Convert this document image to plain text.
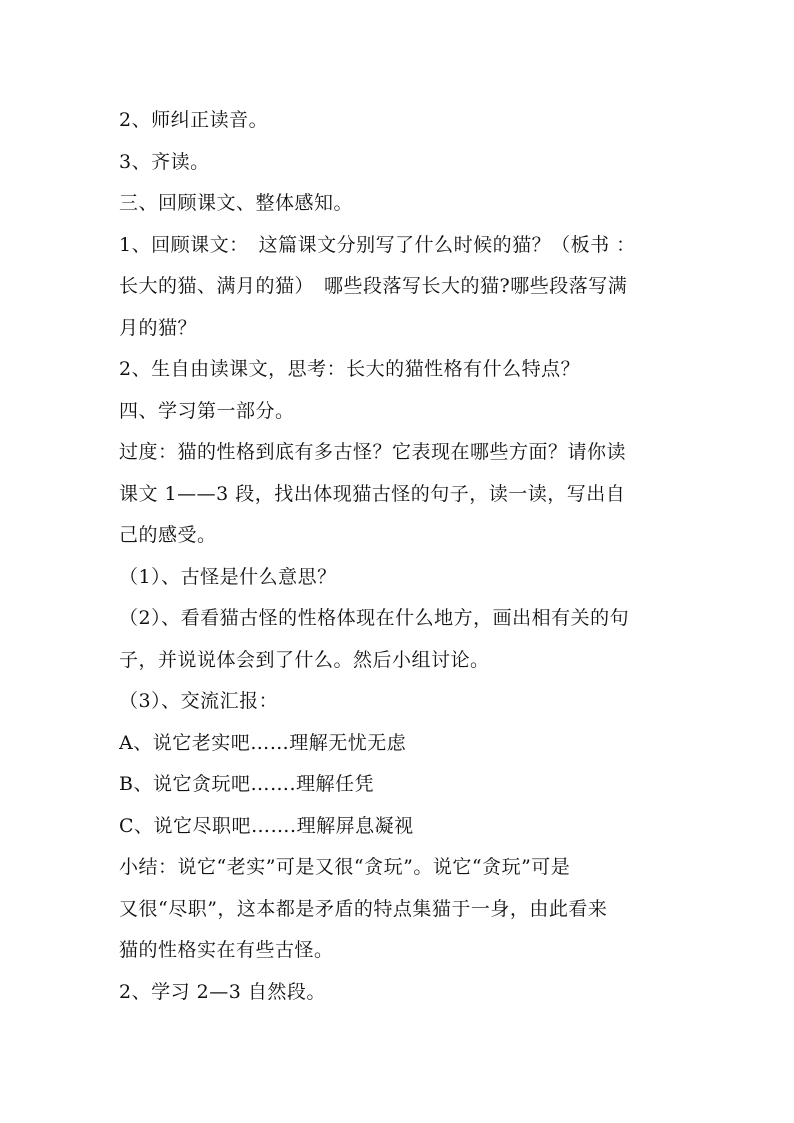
2、师纠正读音。
3、齐读。
三、回顾课文、整体感知。
1、回顾课文：　这篇课文分别写了什么时候的猫？（板书 ：
长大的猫、满月的猫）　哪些段落写长大的猫?哪些段落写满
月的猫？
2、生自由读课文，思考：长大的猫性格有什么特点？
四、学习第一部分。
过度：猫的性格到底有多古怪？它表现在哪些方面？请你读
课文 1——3 段，找出体现猫古怪的句子，读一读，写出自
己的感受。
（1）、古怪是什么意思？
（2）、看看猫古怪的性格体现在什么地方，画出相有关的句
子，并说说体会到了什么。然后小组讨论。
（3）、交流汇报：
A、说它老实吧……理解无忧无虑
B、说它贪玩吧…….理解任凭
C、说它尽职吧…….理解屏息凝视
小结：说它“老实”可是又很“贪玩”。说它“贪玩”可是
又很“尽职”，这本都是矛盾的特点集猫于一身，由此看来
猫的性格实在有些古怪。
2、学习 2—3 自然段。
